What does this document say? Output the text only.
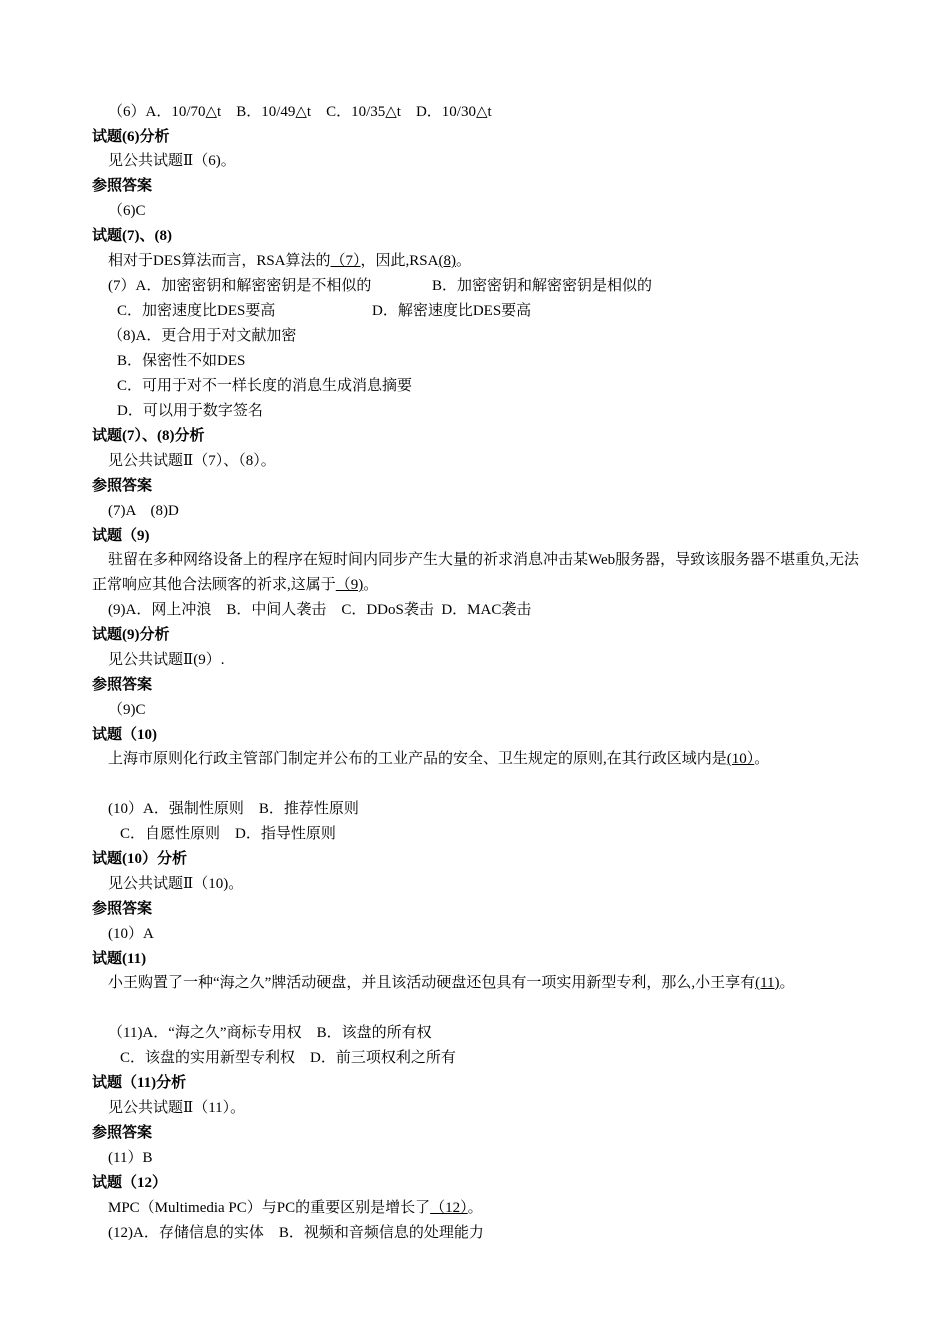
（6）A．10/70△t　B．10/49△t　C．10/35△t　D．10/30△t
试题(6)分析
见公共试题Ⅱ（6)。
参照答案
（6)C
试题(7)、(8)
相对于DES算法而言，RSA算法的（7），因此,RSA(8)。
(7）A．加密密钥和解密密钥是不相似的	B．加密密钥和解密密钥是相似的
C．加密速度比DES要高	D．解密速度比DES要高
（8)A．更合用于对文献加密
B．保密性不如DES
C．可用于对不一样长度的消息生成消息摘要
D．可以用于数字签名
试题(7）、(8)分析
见公共试题Ⅱ（7）、（8）。
参照答案
(7)A　(8)D
试题（9)
驻留在多种网络设备上的程序在短时间内同步产生大量的祈求消息冲击某Web服务器，导致该服务器不堪重负,无法正常响应其他合法顾客的祈求,这属于（9)。
(9)A．网上冲浪　B．中间人袭击　C．DDoS袭击  D．MAC袭击
试题(9)分析
见公共试题Ⅱ(9）.
参照答案
（9)C
试题（10)
上海市原则化行政主管部门制定并公布的工业产品的安全、卫生规定的原则,在其行政区域内是(10）。
(10）A．强制性原则　B．推荐性原则
C．自愿性原则　D．指导性原则
试题(10）分析
见公共试题Ⅱ（10)。
参照答案
(10）A
试题(11)
小王购置了一种“海之久”牌活动硬盘，并且该活动硬盘还包具有一项实用新型专利，那么,小王享有(11)。
（11)A．“海之久”商标专用权　B．该盘的所有权
C．该盘的实用新型专利权　D．前三项权利之所有
试题（11)分析
见公共试题Ⅱ（11）。
参照答案
(11）B
试题（12）
MPC（Multimedia PC）与PC的重要区别是增长了（12）。
(12)A．存储信息的实体　B．视频和音频信息的处理能力
